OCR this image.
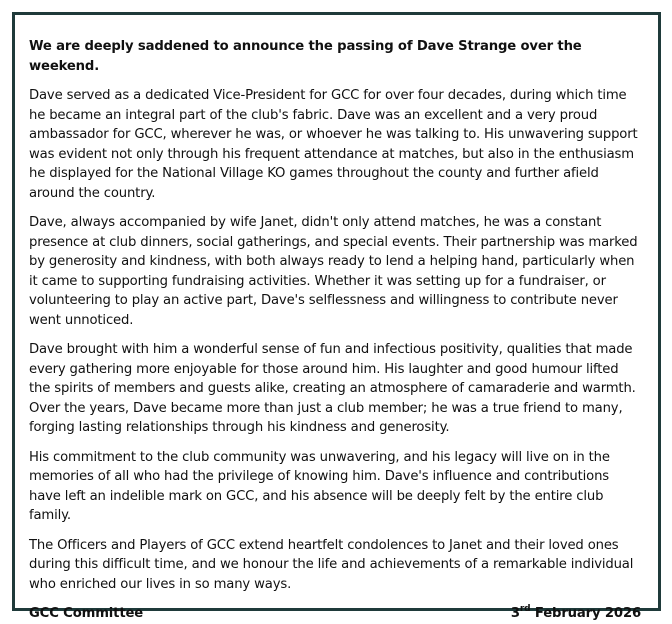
We are deeply saddened to announce the passing of Dave Strange over the weekend.

Dave served as a dedicated Vice-President for GCC for over four decades, during which time he became an integral part of the club's fabric. Dave was an excellent and a very proud ambassador for GCC, wherever he was, or whoever he was talking to. His unwavering support was evident not only through his frequent attendance at matches, but also in the enthusiasm he displayed for the National Village KO games throughout the county and further afield around the country.

Dave, always accompanied by wife Janet, didn't only attend matches, he was a constant presence at club dinners, social gatherings, and special events. Their partnership was marked by generosity and kindness, with both always ready to lend a helping hand, particularly when it came to supporting fundraising activities. Whether it was setting up for a fundraiser, or volunteering to play an active part, Dave's selflessness and willingness to contribute never went unnoticed.

Dave brought with him a wonderful sense of fun and infectious positivity, qualities that made every gathering more enjoyable for those around him. His laughter and good humour lifted the spirits of members and guests alike, creating an atmosphere of camaraderie and warmth. Over the years, Dave became more than just a club member; he was a true friend to many, forging lasting relationships through his kindness and generosity.

His commitment to the club community was unwavering, and his legacy will live on in the memories of all who had the privilege of knowing him. Dave's influence and contributions have left an indelible mark on GCC, and his absence will be deeply felt by the entire club family.

The Officers and Players of GCC extend heartfelt condolences to Janet and their loved ones during this difficult time, and we honour the life and achievements of a remarkable individual who enriched our lives in so many ways.

GCC Committee	3rd February 2026
